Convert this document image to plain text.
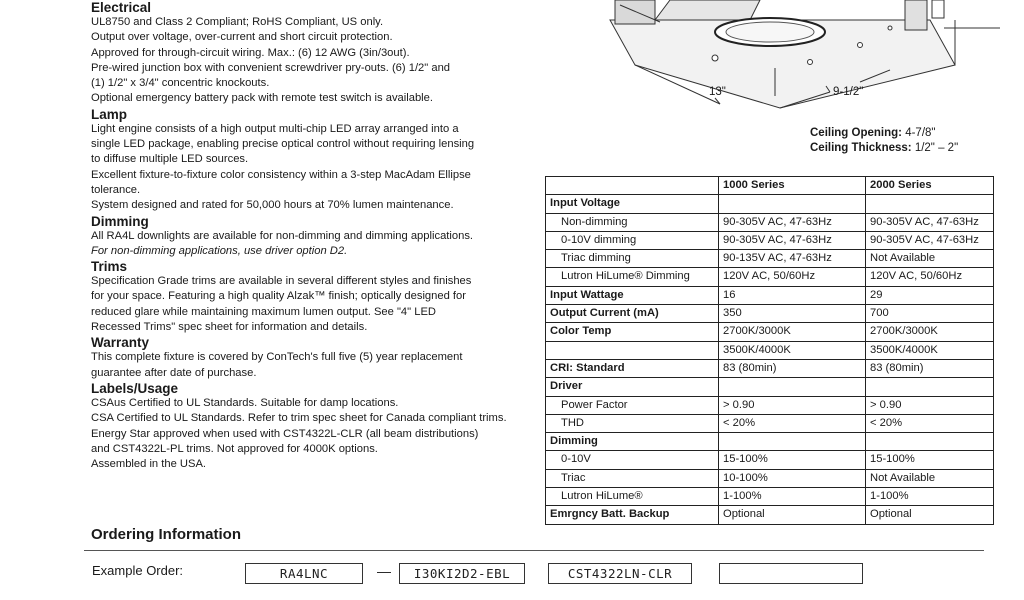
Electrical
UL8750 and Class 2 Compliant; RoHS Compliant, US only.
Output over voltage, over-current and short circuit protection.
Approved for through-circuit wiring. Max.: (6) 12 AWG (3in/3out).
Pre-wired junction box with convenient screwdriver pry-outs. (6) 1/2" and
(1) 1/2" x 3/4" concentric knockouts.
Optional emergency battery pack with remote test switch is available.
Lamp
Light engine consists of a high output multi-chip LED array arranged into a
single LED package, enabling precise optical control without requiring lensing
to diffuse multiple LED sources.
Excellent fixture-to-fixture color consistency within a 3-step MacAdam Ellipse
tolerance.
System designed and rated for 50,000 hours at 70% lumen maintenance.
Dimming
All RA4L downlights are available for non-dimming and dimming applications.
For non-dimming applications, use driver option D2.
Trims
Specification Grade trims are available in several different styles and finishes
for your space. Featuring a high quality Alzak™ finish; optically designed for
reduced glare while maintaining maximum lumen output. See "4" LED
Recessed Trims" spec sheet for information and details.
Warranty
This complete fixture is covered by ConTech's full five (5) year replacement
guarantee after date of purchase.
Labels/Usage
CSAus Certified to UL Standards. Suitable for damp locations.
CSA Certified to UL Standards. Refer to trim spec sheet for Canada compliant trims.
Energy Star approved when used with CST4322L-CLR (all beam distributions)
and CST4322L-PL trims. Not approved for 4000K options.
Assembled in the USA.
13"	9-1/2"
Ceiling Opening: 4-7/8"
Ceiling Thickness: 1/2" – 2"
	1000 Series	2000 Series
Input Voltage		
Non-dimming	90-305V AC, 47-63Hz	90-305V AC, 47-63Hz
0-10V dimming	90-305V AC, 47-63Hz	90-305V AC, 47-63Hz
Triac dimming	90-135V AC, 47-63Hz	Not Available
Lutron HiLume® Dimming	120V AC, 50/60Hz	120V AC, 50/60Hz
Input Wattage	16	29
Output Current (mA)	350	700
Color Temp	2700K/3000K	2700K/3000K
	3500K/4000K	3500K/4000K
CRI: Standard	83 (80min)	83 (80min)
Driver		
Power Factor	> 0.90	> 0.90
THD	< 20%	< 20%
Dimming		
0-10V	15-100%	15-100%
Triac	10-100%	Not Available
Lutron HiLume®	1-100%	1-100%
Emrgncy Batt. Backup	Optional	Optional
Ordering Information
Example Order:	RA4LNC	—	I30KI2D2-EBL	CST4322LN-CLR
